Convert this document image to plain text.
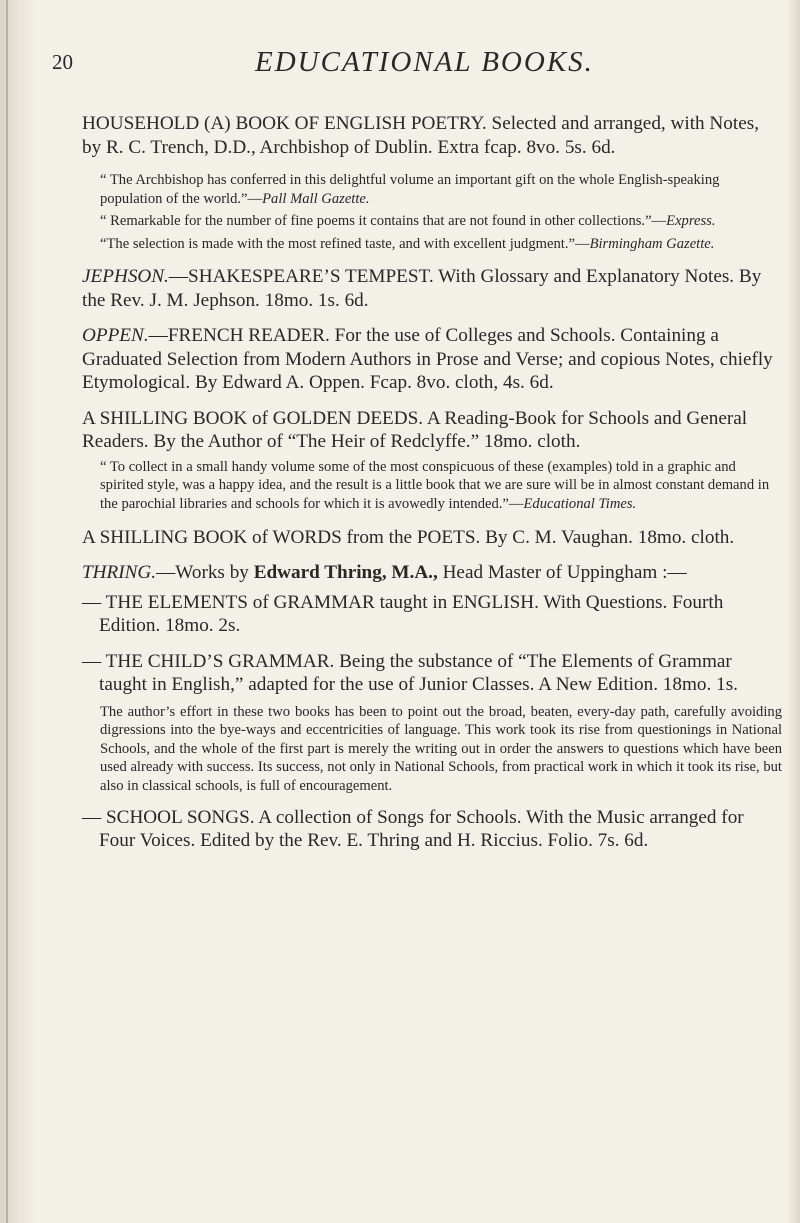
20	EDUCATIONAL BOOKS.
HOUSEHOLD (A) BOOK OF ENGLISH POETRY. Selected and arranged, with Notes, by R. C. Trench, D.D., Archbishop of Dublin. Extra fcap. 8vo. 5s. 6d.
“ The Archbishop has conferred in this delightful volume an important gift on the whole English-speaking population of the world.”—Pall Mall Gazette.
“ Remarkable for the number of fine poems it contains that are not found in other collections.”—Express.
“The selection is made with the most refined taste, and with excellent judgment.”—Birmingham Gazette.
JEPHSON.—SHAKESPEARE’S TEMPEST. With Glossary and Explanatory Notes. By the Rev. J. M. Jephson. 18mo. 1s. 6d.
OPPEN.—FRENCH READER. For the use of Colleges and Schools. Containing a Graduated Selection from Modern Authors in Prose and Verse; and copious Notes, chiefly Etymological. By Edward A. Oppen. Fcap. 8vo. cloth, 4s. 6d.
A SHILLING BOOK of GOLDEN DEEDS. A Reading-Book for Schools and General Readers. By the Author of “The Heir of Redclyffe.” 18mo. cloth.
“ To collect in a small handy volume some of the most conspicuous of these (examples) told in a graphic and spirited style, was a happy idea, and the result is a little book that we are sure will be in almost constant demand in the parochial libraries and schools for which it is avowedly intended.”—Educational Times.
A SHILLING BOOK of WORDS from the POETS. By C. M. Vaughan. 18mo. cloth.
THRING.—Works by Edward Thring, M.A., Head Master of Uppingham :—
— THE ELEMENTS of GRAMMAR taught in ENGLISH. With Questions. Fourth Edition. 18mo. 2s.
— THE CHILD’S GRAMMAR. Being the substance of “The Elements of Grammar taught in English,” adapted for the use of Junior Classes. A New Edition. 18mo. 1s.
The author’s effort in these two books has been to point out the broad, beaten, every-day path, carefully avoiding digressions into the bye-ways and eccentricities of language. This work took its rise from questionings in National Schools, and the whole of the first part is merely the writing out in order the answers to questions which have been used already with success. Its success, not only in National Schools, from practical work in which it took its rise, but also in classical schools, is full of encouragement.
— SCHOOL SONGS. A collection of Songs for Schools. With the Music arranged for Four Voices. Edited by the Rev. E. Thring and H. Riccius. Folio. 7s. 6d.
